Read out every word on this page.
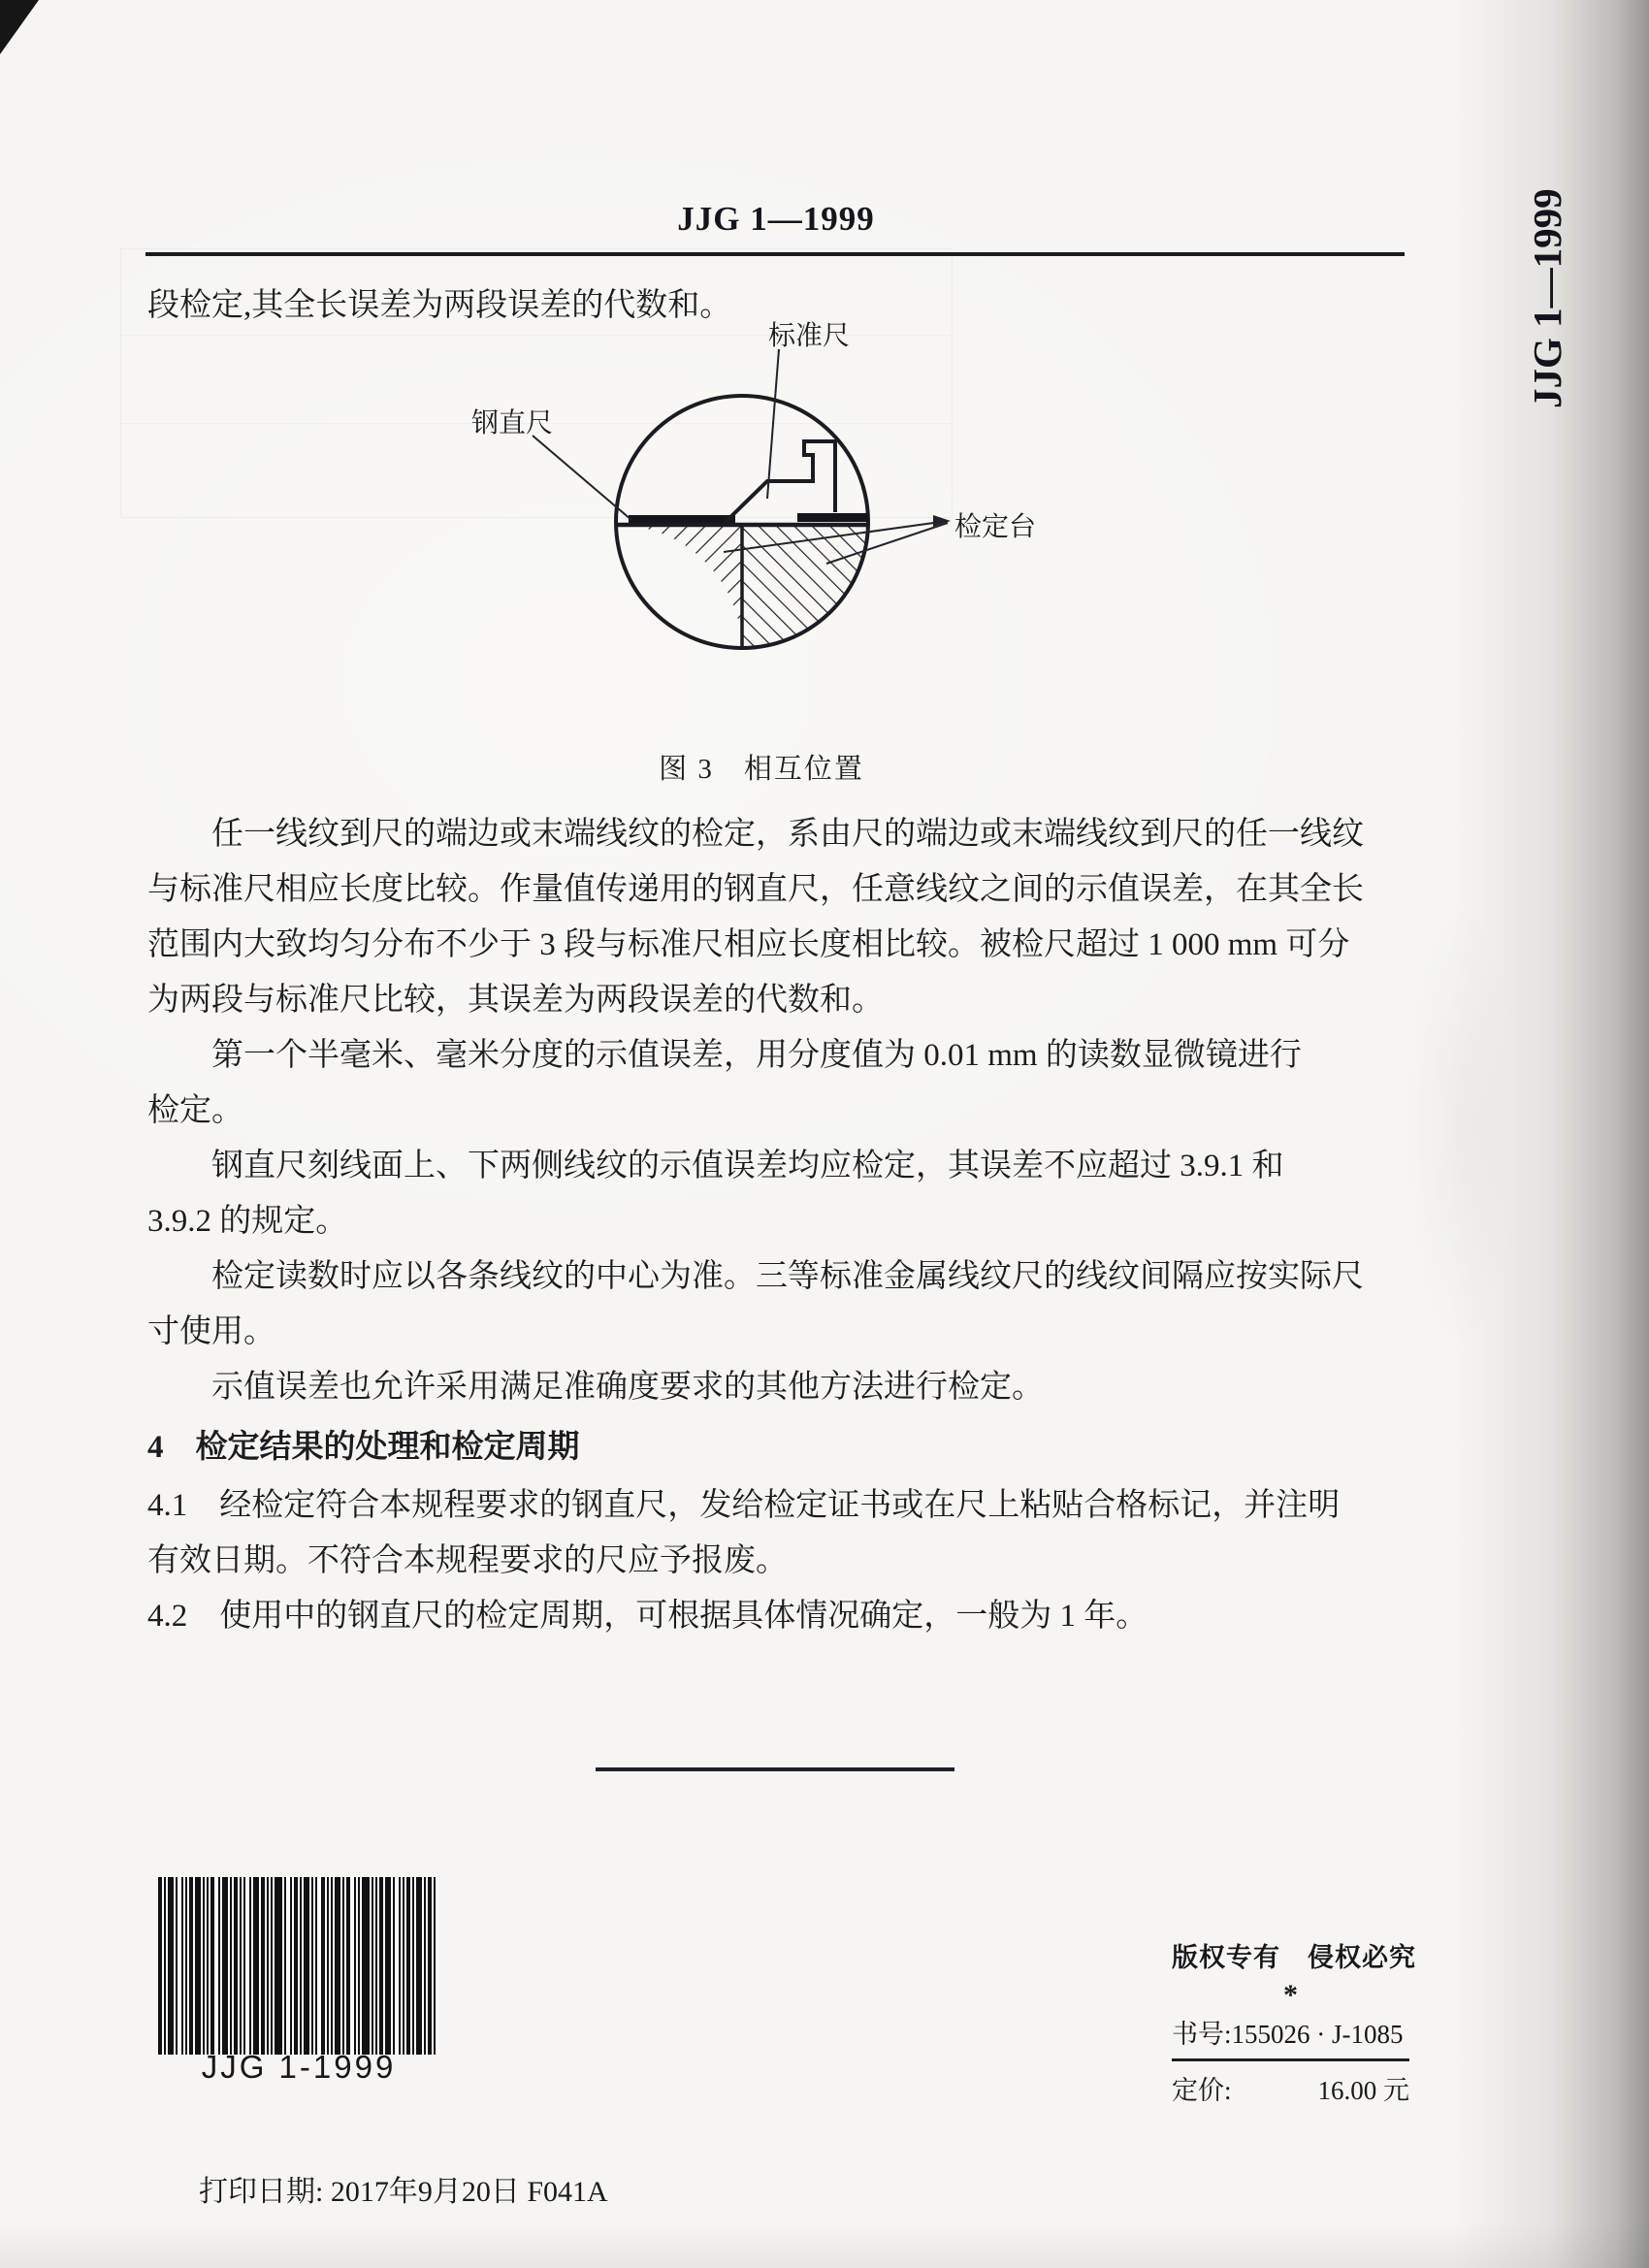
JJG 1—1999	JJG 1—1999
段检定,其全长误差为两段误差的代数和。
标准尺
钢直尺
检定台
图 3　相互位置
任一线纹到尺的端边或末端线纹的检定，系由尺的端边或末端线纹到尺的任一线纹
与标准尺相应长度比较。作量值传递用的钢直尺，任意线纹之间的示值误差，在其全长
范围内大致均匀分布不少于 3 段与标准尺相应长度相比较。被检尺超过 1 000 mm 可分
为两段与标准尺比较，其误差为两段误差的代数和。
第一个半毫米、毫米分度的示值误差，用分度值为 0.01 mm 的读数显微镜进行
检定。
钢直尺刻线面上、下两侧线纹的示值误差均应检定，其误差不应超过 3.9.1 和
3.9.2 的规定。
检定读数时应以各条线纹的中心为准。三等标准金属线纹尺的线纹间隔应按实际尺
寸使用。
示值误差也允许采用满足准确度要求的其他方法进行检定。
4　检定结果的处理和检定周期
4.1　经检定符合本规程要求的钢直尺，发给检定证书或在尺上粘贴合格标记，并注明
有效日期。不符合本规程要求的尺应予报废。
4.2　使用中的钢直尺的检定周期，可根据具体情况确定，一般为 1 年。
JJG 1-1999
版权专有　侵权必究
*
书号:155026 · J-1085
定价:	16.00 元
打印日期: 2017年9月20日 F041A
